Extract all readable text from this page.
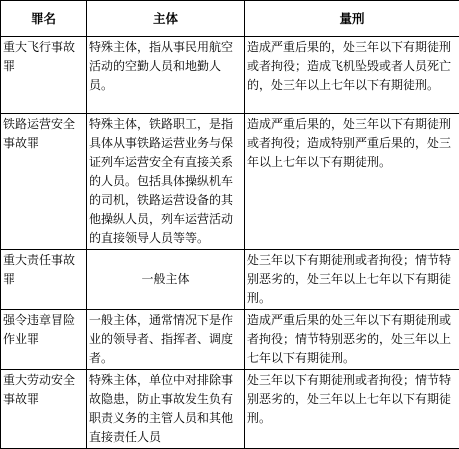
罪名	主体	量刑
重大飞行事故罪	特殊主体，指从事民用航空活动的空勤人员和地勤人员。	造成严重后果的，处三年以下有期徒刑或者拘役；造成飞机坠毁或者人员死亡的，处三年以上七年以下有期徒刑。
铁路运营安全事故罪	特殊主体，铁路职工，是指具体从事铁路运营业务与保证列车运营安全有直接关系的人员。包括具体操纵机车的司机，铁路运营设备的其他操纵人员，列车运营活动的直接领导人员等等。	造成严重后果的，处三年以下有期徒刑或者拘役；造成特别严重后果的，处三年以上七年以下有期徒刑。
重大责任事故罪	一般主体	处三年以下有期徒刑或者拘役；情节特别恶劣的，处三年以上七年以下有期徒刑。
强令违章冒险作业罪	一般主体，通常情况下是作业的领导者、指挥者、调度者。	造成严重后果的处三年以下有期徒刑或者拘役；情节特别恶劣的，处三年以上七年以下有期徒刑。
重大劳动安全事故罪	特殊主体，单位中对排除事故隐患，防止事故发生负有职责义务的主管人员和其他直接责任人员	处三年以下有期徒刑或者拘役；情节特别恶劣的，处三年以上七年以下有期徒刑。
